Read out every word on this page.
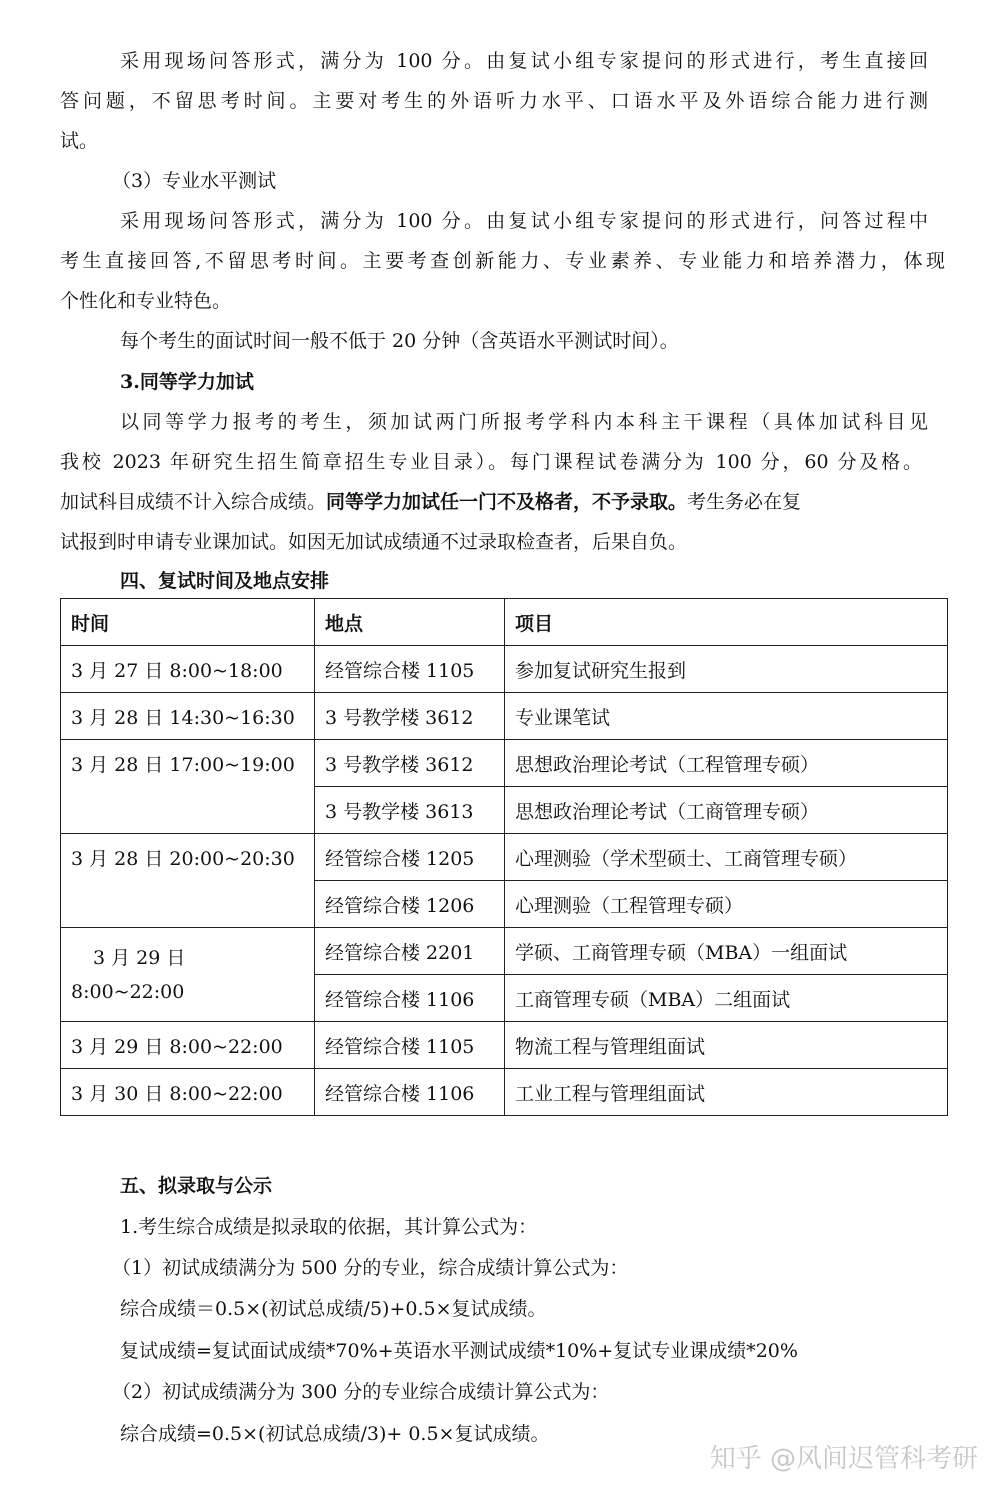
采用现场问答形式，满分为 100 分。由复试小组专家提问的形式进行，考生直接回
答问题，不留思考时间。主要对考生的外语听力水平、口语水平及外语综合能力进行测
试。
（3）专业水平测试
采用现场问答形式，满分为 100 分。由复试小组专家提问的形式进行，问答过程中
考生直接回答,不留思考时间。主要考查创新能力、专业素养、专业能力和培养潜力，体现
个性化和专业特色。
每个考生的面试时间一般不低于 20 分钟（含英语水平测试时间）。
3.同等学力加试
以同等学力报考的考生，须加试两门所报考学科内本科主干课程（具体加试科目见
我校 2023 年研究生招生简章招生专业目录）。每门课程试卷满分为 100 分，60 分及格。
加试科目成绩不计入综合成绩。同等学力加试任一门不及格者，不予录取。考生务必在复
试报到时申请专业课加试。如因无加试成绩通不过录取检查者，后果自负。
四、复试时间及地点安排
时间	地点	项目
3 月 27 日 8:00~18:00	经管综合楼 1105	参加复试研究生报到
3 月 28 日 14:30~16:30	3 号教学楼 3612	专业课笔试
3 月 28 日 17:00~19:00	3 号教学楼 3612	思想政治理论考试（工程管理专硕）
	3 号教学楼 3613	思想政治理论考试（工商管理专硕）
3 月 28 日 20:00~20:30	经管综合楼 1205	心理测验（学术型硕士、工商管理专硕）
	经管综合楼 1206	心理测验（工程管理专硕）

3 月 29 日
8:00~22:00	经管综合楼 2201	学硕、工商管理专硕（MBA）一组面试
	经管综合楼 1106	工商管理专硕（MBA）二组面试
3 月 29 日 8:00~22:00	经管综合楼 1105	物流工程与管理组面试
3 月 30 日 8:00~22:00	经管综合楼 1106	工业工程与管理组面试
五、拟录取与公示
1.考生综合成绩是拟录取的依据，其计算公式为：
（1）初试成绩满分为 500 分的专业，综合成绩计算公式为：
综合成绩＝0.5×(初试总成绩/5)+0.5×复试成绩。
复试成绩=复试面试成绩*70%+英语水平测试成绩*10%+复试专业课成绩*20%
（2）初试成绩满分为 300 分的专业综合成绩计算公式为：
综合成绩=0.5×(初试总成绩/3)+ 0.5×复试成绩。
知乎 @风间迟管科考研
